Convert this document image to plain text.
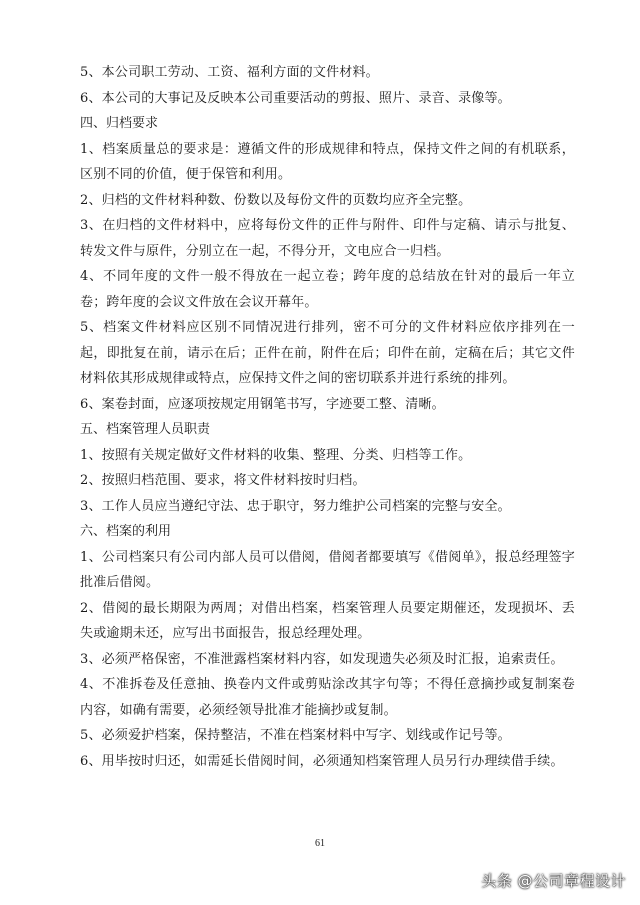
5、本公司职工劳动、工资、福利方面的文件材料。

6、本公司的大事记及反映本公司重要活动的剪报、照片、录音、录像等。

四、归档要求

1、档案质量总的要求是：遵循文件的形成规律和特点，保持文件之间的有机联系，区别不同的价值，便于保管和利用。

2、归档的文件材料种数、份数以及每份文件的页数均应齐全完整。

3、在归档的文件材料中，应将每份文件的正件与附件、印件与定稿、请示与批复、转发文件与原件，分别立在一起，不得分开，文电应合一归档。

4、不同年度的文件一般不得放在一起立卷；跨年度的总结放在针对的最后一年立卷；跨年度的会议文件放在会议开幕年。

5、档案文件材料应区别不同情况进行排列，密不可分的文件材料应依序排列在一起，即批复在前，请示在后；正件在前，附件在后；印件在前，定稿在后；其它文件材料依其形成规律或特点，应保持文件之间的密切联系并进行系统的排列。

6、案卷封面，应逐项按规定用钢笔书写，字迹要工整、清晰。

五、档案管理人员职责

1、按照有关规定做好文件材料的收集、整理、分类、归档等工作。

2、按照归档范围、要求，将文件材料按时归档。

3、工作人员应当遵纪守法、忠于职守，努力维护公司档案的完整与安全。

六、档案的利用

1、公司档案只有公司内部人员可以借阅，借阅者都要填写《借阅单》，报总经理签字批准后借阅。

2、借阅的最长期限为两周；对借出档案，档案管理人员要定期催还，发现损坏、丢失或逾期未还，应写出书面报告，报总经理处理。

3、必须严格保密，不准泄露档案材料内容，如发现遗失必须及时汇报，追索责任。

4、不准拆卷及任意抽、换卷内文件或剪贴涂改其字句等；不得任意摘抄或复制案卷内容，如确有需要，必须经领导批准才能摘抄或复制。

5、必须爱护档案，保持整洁，不准在档案材料中写字、划线或作记号等。

6、用毕按时归还，如需延长借阅时间，必须通知档案管理人员另行办理续借手续。

61
头条 @公司章程设计
